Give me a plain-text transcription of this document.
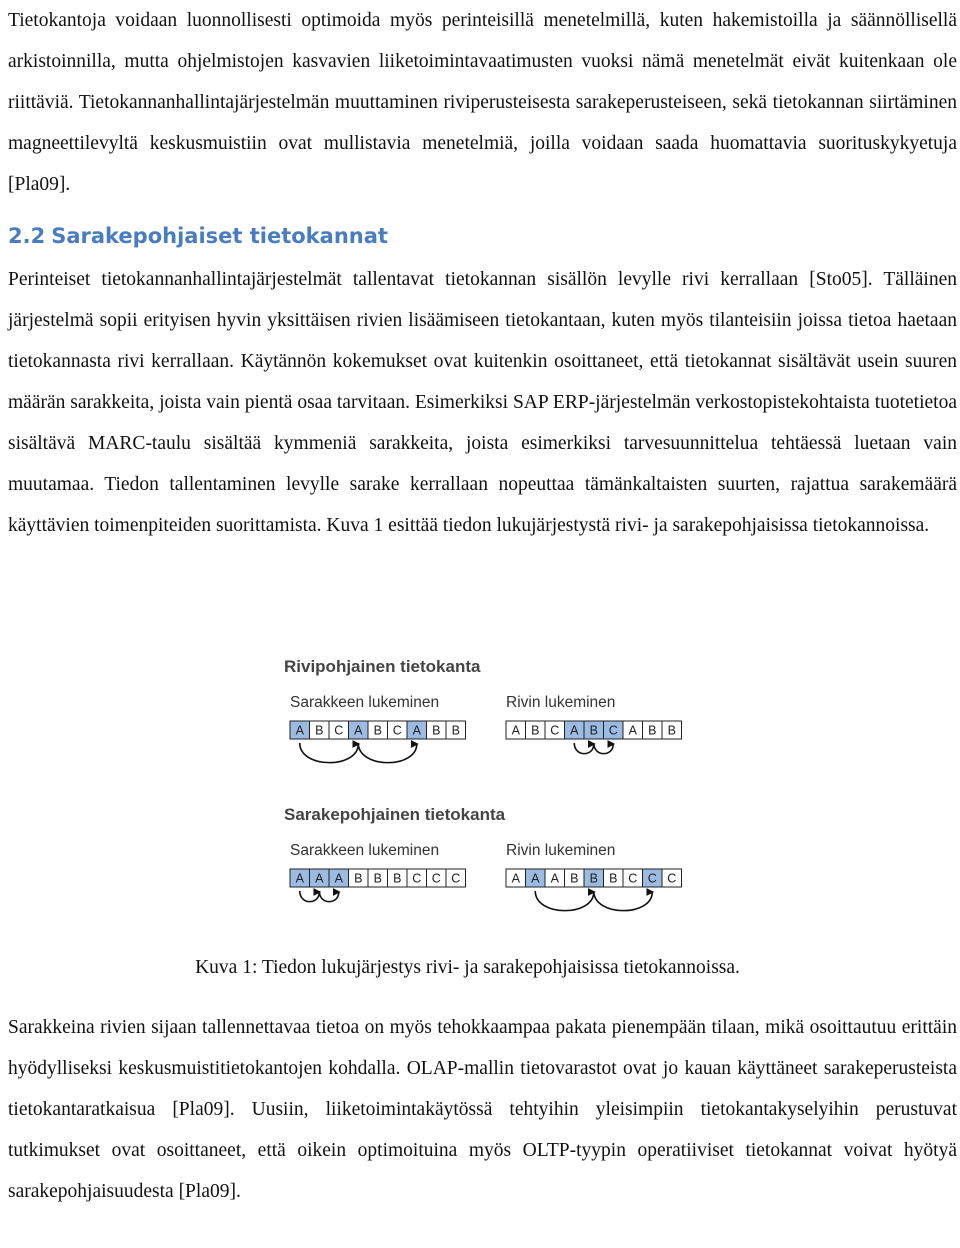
Tietokantoja voidaan luonnollisesti optimoida myös perinteisillä menetelmillä, kuten hakemistoilla ja säännöllisellä arkistoinnilla, mutta ohjelmistojen kasvavien liiketoimintavaatimusten vuoksi nämä menetelmät eivät kuitenkaan ole riittäviä. Tietokannanhallintajärjestelmän muuttaminen riviperusteisesta sarakeperusteiseen, sekä tietokannan siirtäminen magneettilevyltä keskusmuistiin ovat mullistavia menetelmiä, joilla voidaan saada huomattavia suorituskykyetuja [Pla09].

2.2 Sarakepohjaiset tietokannat

Perinteiset tietokannanhallintajärjestelmät tallentavat tietokannan sisällön levylle rivi kerrallaan [Sto05]. Tälläinen järjestelmä sopii erityisen hyvin yksittäisen rivien lisäämiseen tietokantaan, kuten myös tilanteisiin joissa tietoa haetaan tietokannasta rivi kerrallaan. Käytännön kokemukset ovat kuitenkin osoittaneet, että tietokannat sisältävät usein suuren määrän sarakkeita, joista vain pientä osaa tarvitaan. Esimerkiksi SAP ERP-järjestelmän verkostopistekohtaista tuotetietoa sisältävä MARC-taulu sisältää kymmeniä sarakkeita, joista esimerkiksi tarvesuunnittelua tehtäessä luetaan vain muutamaa. Tiedon tallentaminen levylle sarake kerrallaan nopeuttaa tämänkaltaisten suurten, rajattua sarakemäärä käyttävien toimenpiteiden suorittamista. Kuva 1 esittää tiedon lukujärjestystä rivi- ja sarakepohjaisissa tietokannoissa.

Rivipohjainen tietokanta
Sarakkeen lukeminen
A B C A B C A B B
Rivin lukeminen
A B C A B C A B B
Sarakepohjainen tietokanta
Sarakkeen lukeminen
A A A B B B C C C
Rivin lukeminen
A A A B B B C C C

Kuva 1: Tiedon lukujärjestys rivi- ja sarakepohjaisissa tietokannoissa.

Sarakkeina rivien sijaan tallennettavaa tietoa on myös tehokkaampaa pakata pienempään tilaan, mikä osoittautuu erittäin hyödylliseksi keskusmuistitietokantojen kohdalla. OLAP-mallin tietovarastot ovat jo kauan käyttäneet sarakeperusteista tietokantaratkaisua [Pla09]. Uusiin, liiketoimintakäytössä tehtyihin yleisimpiin tietokantakyselyihin perustuvat tutkimukset ovat osoittaneet, että oikein optimoituina myös OLTP-tyypin operatiiviset tietokannat voivat hyötyä sarakepohjaisuudesta [Pla09].
